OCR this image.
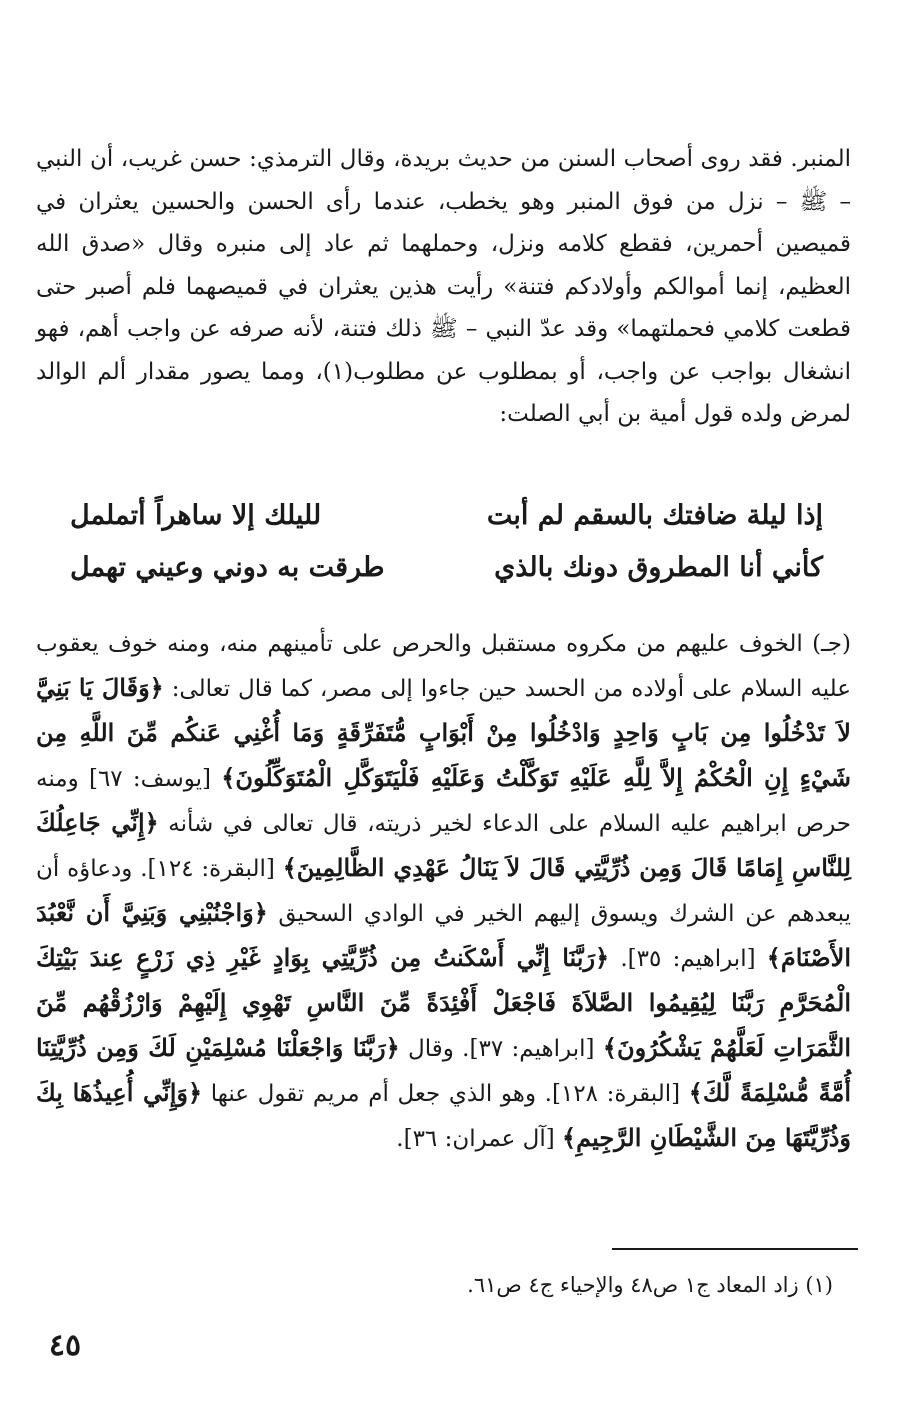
المنبر. فقد روى أصحاب السنن من حديث بريدة، وقال الترمذي: حسن غريب، أن النبي – ﷺ – نزل من فوق المنبر وهو يخطب، عندما رأى الحسن والحسين يعثران في قميصين أحمرين، فقطع كلامه ونزل، وحملهما ثم عاد إلى منبره وقال «صدق الله العظيم، إنما أموالكم وأولادكم فتنة» رأيت هذين يعثران في قميصهما فلم أصبر حتى قطعت كلامي فحملتهما» وقد عدّ النبي – ﷺ ذلك فتنة، لأنه صرفه عن واجب أهم، فهو انشغال بواجب عن واجب، أو بمطلوب عن مطلوب(١)، ومما يصور مقدار ألم الوالد لمرض ولده قول أمية بن أبي الصلت:

إذا ليلة ضافتك بالسقم لم أبت
لليلك إلا ساهراً أتململ
كأني أنا المطروق دونك بالذي
طرقت به دوني وعيني تهمل

(جـ) الخوف عليهم من مكروه مستقبل والحرص على تأمينهم منه، ومنه خوف يعقوب عليه السلام على أولاده من الحسد حين جاءوا إلى مصر، كما قال تعالى: ﴿وَقَالَ يَا بَنِيَّ لاَ تَدْخُلُوا مِن بَابٍ وَاحِدٍ وَادْخُلُوا مِنْ أَبْوَابٍ مُّتَفَرِّقَةٍ وَمَا أُغْنِي عَنكُم مِّنَ اللَّهِ مِن شَيْءٍ إِنِ الْحُكْمُ إِلاَّ لِلَّهِ عَلَيْهِ تَوَكَّلْتُ وَعَلَيْهِ فَلْيَتَوَكَّلِ الْمُتَوَكِّلُونَ﴾ [يوسف: ٦٧] ومنه حرص ابراهيم عليه السلام على الدعاء لخير ذريته، قال تعالى في شأنه ﴿إِنِّي جَاعِلُكَ لِلنَّاسِ إِمَامًا قَالَ وَمِن ذُرِّيَّتِي قَالَ لاَ يَنَالُ عَهْدِي الظَّالِمِينَ﴾ [البقرة: ١٢٤]. ودعاؤه أن يبعدهم عن الشرك ويسوق إليهم الخير في الوادي السحيق ﴿وَاجْنُبْنِي وَبَنِيَّ أَن نَّعْبُدَ الأَصْنَامَ﴾ [ابراهيم: ٣٥]. ﴿رَبَّنَا إِنِّي أَسْكَنتُ مِن ذُرِّيَّتِي بِوَادٍ غَيْرِ ذِي زَرْعٍ عِندَ بَيْتِكَ الْمُحَرَّمِ رَبَّنَا لِيُقِيمُوا الصَّلاَةَ فَاجْعَلْ أَفْئِدَةً مِّنَ النَّاسِ تَهْوِي إِلَيْهِمْ وَارْزُقْهُم مِّنَ الثَّمَرَاتِ لَعَلَّهُمْ يَشْكُرُونَ﴾ [ابراهيم: ٣٧]. وقال ﴿رَبَّنَا وَاجْعَلْنَا مُسْلِمَيْنِ لَكَ وَمِن ذُرِّيَّتِنَا أُمَّةً مُّسْلِمَةً لَّكَ﴾ [البقرة: ١٢٨]. وهو الذي جعل أم مريم تقول عنها ﴿وَإِنِّي أُعِيذُهَا بِكَ وَذُرِّيَّتَهَا مِنَ الشَّيْطَانِ الرَّجِيمِ﴾ [آل عمران: ٣٦].

(١) زاد المعاد ج١ ص٤٨ والإحياء ج٤ ص٦١.
٤٥
